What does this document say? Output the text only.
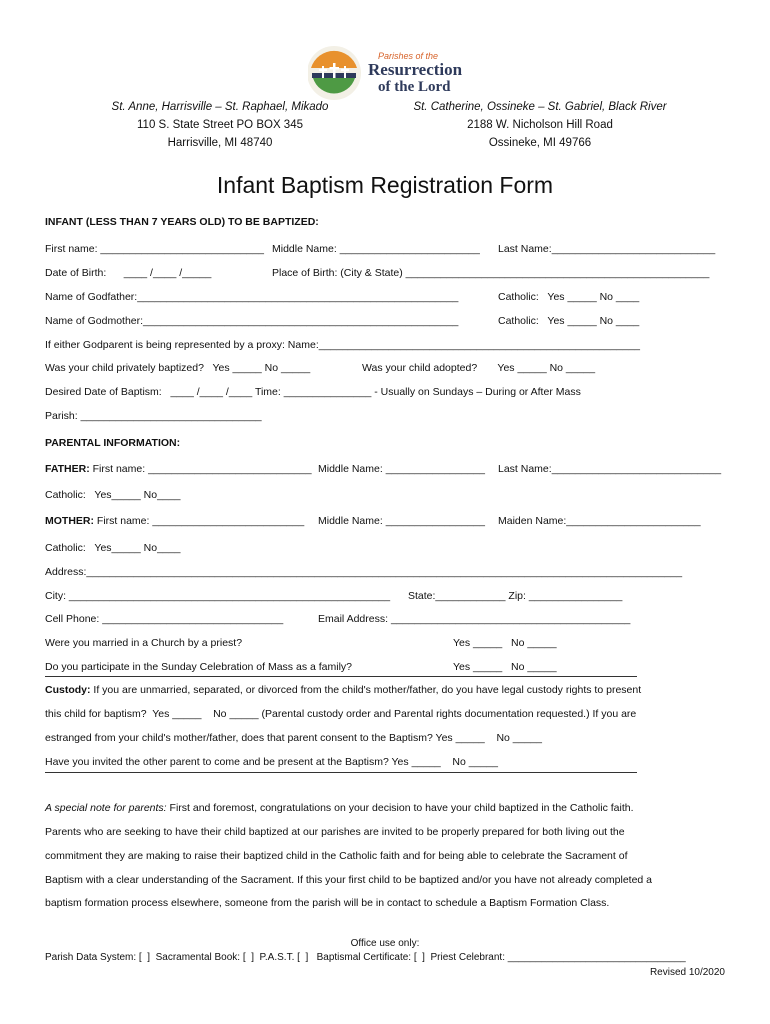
Parishes of the
Resurrection
of the Lord
St. Anne, Harrisville – St. Raphael, Mikado
110 S. State Street PO BOX 345
Harrisville, MI 48740
St. Catherine, Ossineke – St. Gabriel, Black River
2188 W. Nicholson Hill Road
Ossineke, MI 49766
Infant Baptism Registration Form
INFANT (LESS THAN 7 YEARS OLD) TO BE BAPTIZED:
First name: ____________________________ Middle Name: ________________________ Last Name:____________________________
Date of Birth:      ____ /____ /_____	Place of Birth: (City & State) ____________________________________________________
Name of Godfather:_______________________________________________________	Catholic:   Yes _____ No ____
Name of Godmother:______________________________________________________	Catholic:   Yes _____ No ____
If either Godparent is being represented by a proxy: Name:_______________________________________________________
Was your child privately baptized?   Yes _____ No _____	Was your child adopted?       Yes _____ No _____
Desired Date of Baptism:   ____ /____ /____ Time: _______________ - Usually on Sundays – During or After Mass
Parish: _______________________________
PARENTAL INFORMATION:
FATHER: First name: ____________________________ Middle Name: _________________ Last Name:_____________________________
Catholic:   Yes_____ No____
MOTHER: First name: __________________________ Middle Name: _________________ Maiden Name:_______________________
Catholic:   Yes_____ No____
Address:______________________________________________________________________________________________________
City: _______________________________________________________ State:____________ Zip: ________________
Cell Phone: _______________________________	Email Address: _________________________________________
Were you married in a Church by a priest?	Yes _____   No _____
Do you participate in the Sunday Celebration of Mass as a family?	Yes _____   No _____
Custody: If you are unmarried, separated, or divorced from the child's mother/father, do you have legal custody rights to present
this child for baptism?  Yes _____    No _____ (Parental custody order and Parental rights documentation requested.) If you are
estranged from your child's mother/father, does that parent consent to the Baptism? Yes _____    No _____
Have you invited the other parent to come and be present at the Baptism? Yes _____    No _____
A special note for parents: First and foremost, congratulations on your decision to have your child baptized in the Catholic faith.
Parents who are seeking to have their child baptized at our parishes are invited to be properly prepared for both living out the
commitment they are making to raise their baptized child in the Catholic faith and for being able to celebrate the Sacrament of
Baptism with a clear understanding of the Sacrament. If this your first child to be baptized and/or you have not already completed a
baptism formation process elsewhere, someone from the parish will be in contact to schedule a Baptism Formation Class.
Office use only:
Parish Data System: [  ]  Sacramental Book: [  ]  P.A.S.T. [  ]   Baptismal Certificate: [  ]  Priest Celebrant: ________________________________
Revised 10/2020
